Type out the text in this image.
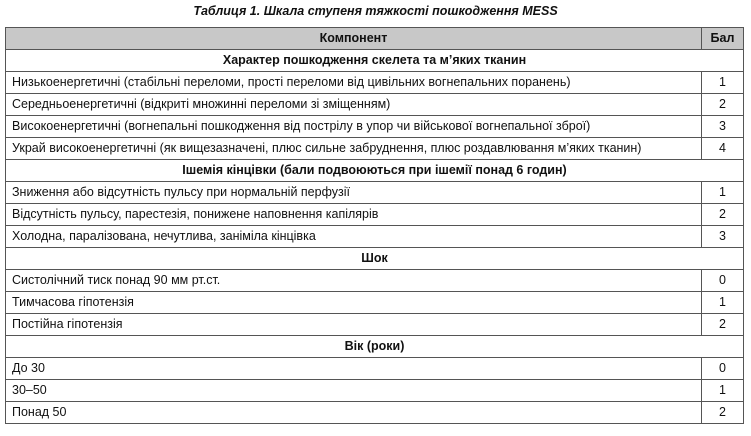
Таблиця 1. Шкала ступеня тяжкості пошкодження MESS
Компонент	Бал
Характер пошкодження скелета та м’яких тканин	
Низькоенергетичні (стабільні переломи, прості переломи від цивільних вогнепальних поранень)	1
Середньоенергетичні (відкриті множинні переломи зі зміщенням)	2
Високоенергетичні (вогнепальні пошкодження від пострілу в упор чи військової вогнепальної зброї)	3
Украй високоенергетичні (як вищезазначені, плюс сильне забруднення, плюс роздавлювання м’яких тканин)	4
Ішемія кінцівки (бали подвоюються при ішемії понад 6 годин)	
Зниження або відсутність пульсу при нормальній перфузії	1
Відсутність пульсу, парестезія, понижене наповнення капілярів	2
Холодна, паралізована, нечутлива, заніміла кінцівка	3
Шок	
Систолічний тиск понад 90 мм рт.ст.	0
Тимчасова гіпотензія	1
Постійна гіпотензія	2
Вік (роки)	
До 30	0
30–50	1
Понад 50	2
